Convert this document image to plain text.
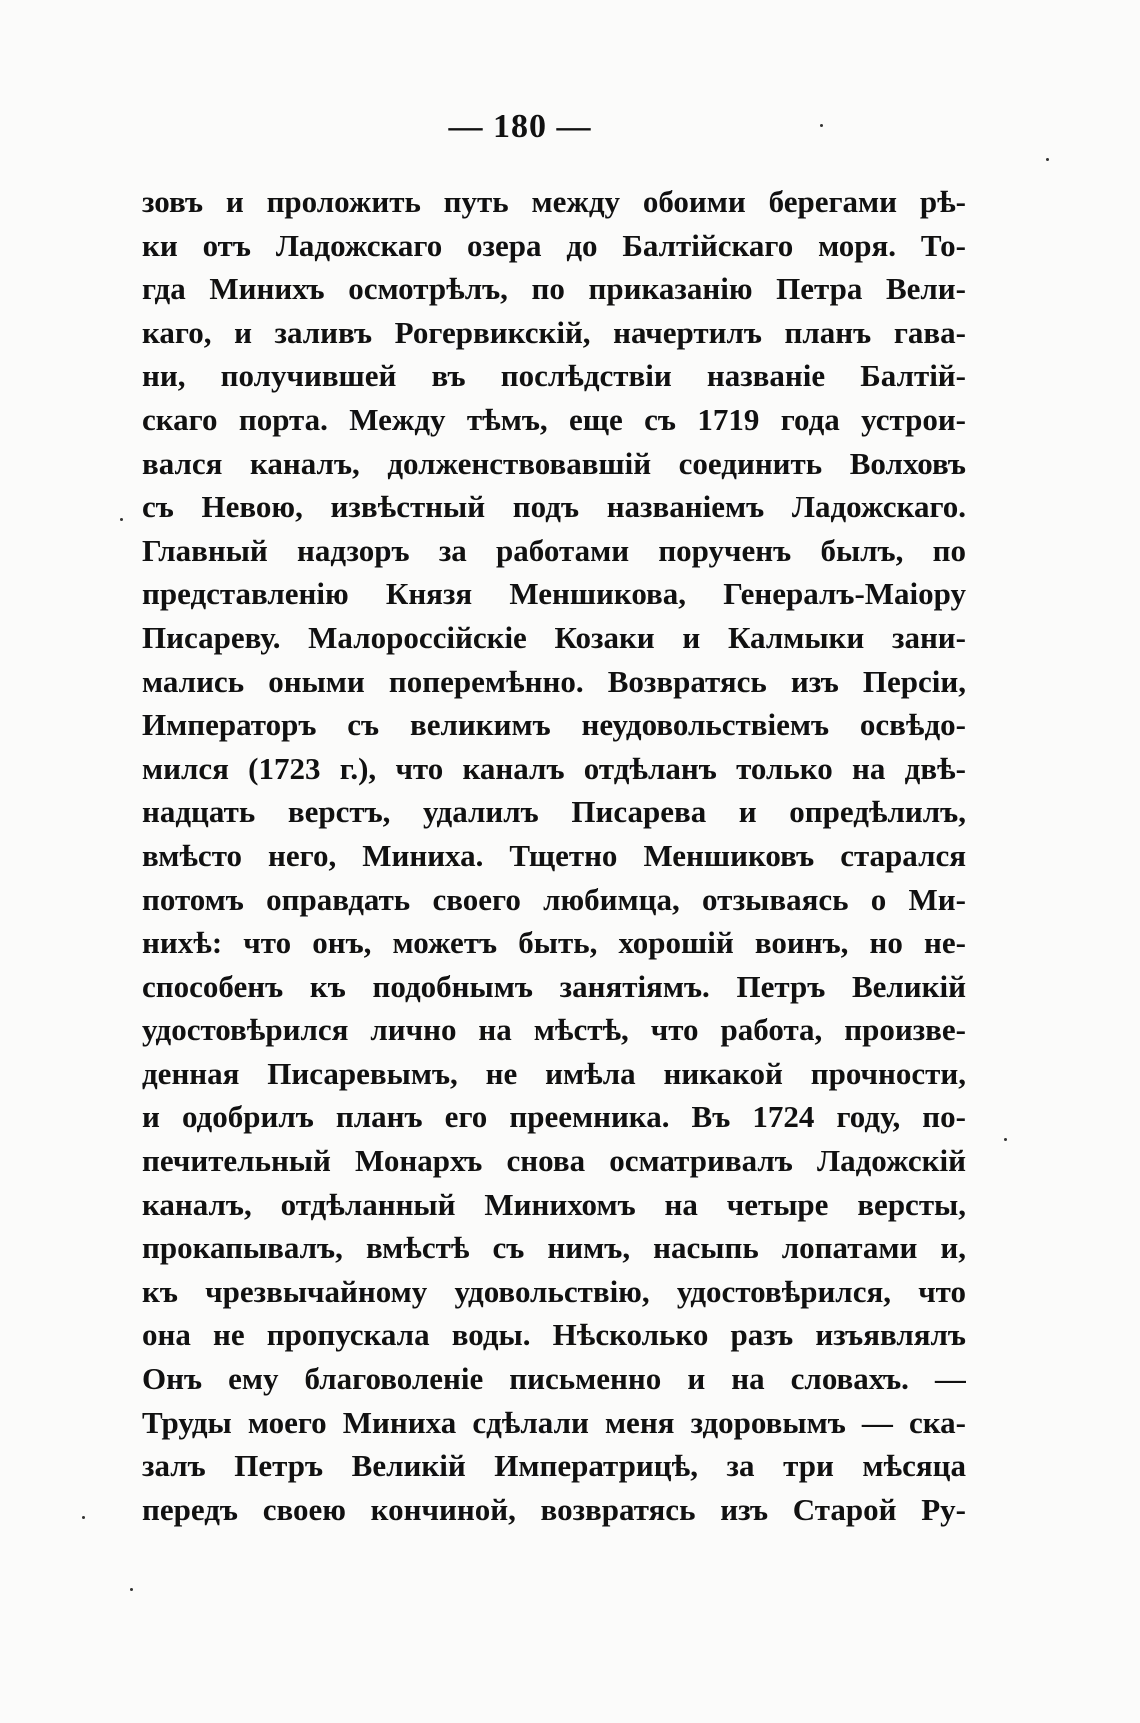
— 180 —
зовъ и проложить путь между обоими берегами рѣ-
ки отъ Ладожскаго озера до Балтійскаго моря. То-
гда Минихъ осмотрѣлъ, по приказанію Петра Вели-
каго, и заливъ Рогервикскій, начертилъ планъ гава-
ни, получившей въ послѣдствіи названіе Балтій-
скаго порта. Между тѣмъ, еще съ 1719 года устрои-
вался каналъ, долженствовавшій соединить Волховъ
съ Невою, извѣстный подъ названіемъ Ладожскаго.
Главный надзоръ за работами порученъ былъ, по
представленію Князя Меншикова, Генералъ-Маіору
Писареву. Малороссійскіе Козаки и Калмыки зани-
мались оными поперемѣнно. Возвратясь изъ Персіи,
Императоръ съ великимъ неудовольствіемъ освѣдо-
мился (1723 г.), что каналъ отдѣланъ только на двѣ-
надцать верстъ, удалилъ Писарева и опредѣлилъ,
вмѣсто него, Миниха. Тщетно Меншиковъ старался
потомъ оправдать своего любимца, отзываясь о Ми-
нихѣ: что онъ, можетъ быть, хорошій воинъ, но не-
способенъ къ подобнымъ занятіямъ. Петръ Великій
удостовѣрился лично на мѣстѣ, что работа, произве-
денная Писаревымъ, не имѣла никакой прочности,
и одобрилъ планъ его преемника. Въ 1724 году, по-
печительный Монархъ снова осматривалъ Ладожскій
каналъ, отдѣланный Минихомъ на четыре версты,
прокапывалъ, вмѣстѣ съ нимъ, насыпь лопатами и,
къ чрезвычайному удовольствію, удостовѣрился, что
она не пропускала воды. Нѣсколько разъ изъявлялъ
Онъ ему благоволеніе письменно и на словахъ. —
Труды моего Миниха сдѣлали меня здоровымъ — ска-
залъ Петръ Великій Императрицѣ, за три мѣсяца
передъ своею кончиной, возвратясь изъ Старой Ру-
